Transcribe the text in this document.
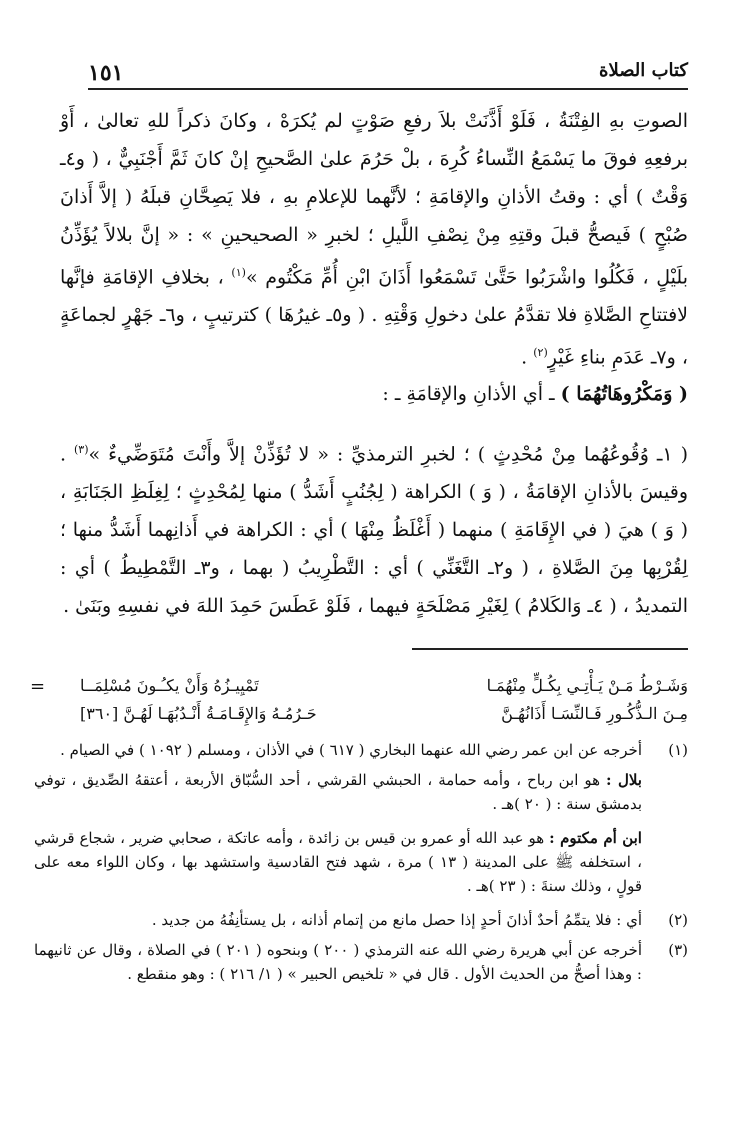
كتاب الصلاة
١٥١

الصوتِ بهِ الفِتْنَةُ ، فَلَوْ أَذَّنَتْ بلاَ رفعِ صَوْتٍ لم يُكرَهْ ، وكانَ ذكراً للهِ تعالىٰ ، أَوْ برفعِهِ فوقَ ما يَسْمَعُ النِّساءُ كُرِهَ ، بلْ حَرُمَ علىٰ الصَّحيحِ إنْ كانَ ثَمَّ أَجْنَبِيٌّ ، ( و٤ـ وَقْتٌ ) أي : وقتُ الأذانِ والإقامَةِ ؛ لأنَّهما للإعلامِ بهِ ، فلا يَصِحَّانِ قبلَهُ ( إلاَّ أَذانَ صُبْحٍ ) فَيصحُّ قبلَ وقتِهِ مِنْ نِصْفِ اللَّيلِ ؛ لخبرِ « الصحيحينِ » : « إنَّ بلالاً يُؤَذِّنُ بلَيْلٍ ، فَكُلُوا واشْرَبُوا حَتَّىٰ تَسْمَعُوا أَذَانَ ابْنِ أُمِّ مَكْتُوم »$^{(١)}$ ، بخلافِ الإقامَةِ فإنَّها لافتتاحِ الصَّلاةِ فلا تقدَّمُ علىٰ دخولِ وَقْتِهِ . ( و٥ـ غيرُهَا ) كترتيبٍ ، و٦ـ جَهْرٍ لجماعَةٍ ، و٧ـ عَدَمِ بناءِ غَيْرٍ$^{(٢)}$ .

( وَمَكْرُوهَاتُهُمَا ) ـ أي الأذانِ والإقامَةِ ـ :

( ١ـ وُقُوعُهُما مِنْ مُحْدِثٍ ) ؛ لخبرِ الترمذيِّ : « لا تُؤَذِّنْ إلاَّ وأَنْتَ مُتَوَضِّيءٌ »$^{(٣)}$ . وقيسَ بالأذانِ الإقامَةُ ، ( وَ ) الكراهة ( لِجُنُبٍ أَشَدُّ ) منها لِمُحْدِثٍ ؛ لِغِلَظِ الجَنَابَةِ ، ( وَ ) هيَ ( في الإِقَامَةِ ) منهما ( أَغْلَظُ مِنْهَا ) أي : الكراهة في أَذانِهما أَشَدُّ منها ؛ لِقُرْبِها مِنَ الصَّلاةِ ، ( و٢ـ التَّغَنِّي ) أي : التَّطْرِيبُ ( بهما ، و٣ـ التَّمْطِيطُ ) أي : التمديدُ ، ( ٤ـ وَالكَلامُ ) لِغَيْرِ مَصْلَحَةٍ فيهما ، فَلَوْ عَطَسَ حَمِدَ اللهَ في نفسِهِ وبَنَىٰ .

=	وَشَـرْطُ مَـنْ يَـأْتِـي بِكُـلٍّ مِنْهُمَـا
تَمْيِيـزُهُ وَأَنْ يكـُـونَ مُسْلِمَــا
مِـنَ الـذُّكُـورِ فَـالنِّسَـا أَذَانُهُـنَّ
حَـرُمُـهُ وَالإِقَـامَـةُ أَنْـدُبُهَـا لَهُـنَّ [٣٦٠]
(١)
أخرجه عن ابن عمر رضي الله عنهما البخاري ( ٦١٧ ) في الأذان ، ومسلم ( ١٠٩٢ ) في الصيام .
بلال : هو ابن رباح ، وأمه حمامة ، الحبشي القرشي ، أحد السُّبّاق الأربعة ، أعتقهُ الصِّديق ، توفي بدمشق سنة : ( ٢٠ )هـ .
ابن أم مكتوم : هو عبد الله أو عمرو بن قيس بن زائدة ، وأمه عاتكة ، صحابي ضرير ، شجاع قرشي ، استخلفه ﷺ على المدينة ( ١٣ ) مرة ، شهد فتح القادسية واستشهد بها ، وكان اللواء معه على قولٍ ، وذلك سنةَ : ( ٢٣ )هـ .
(٢)
أي : فلا يتمِّمُ أحدٌ أذانَ أحدٍ إذا حصل مانع من إتمام أذانه ، بل يستأنِفُهُ من جديد .
(٣)
أخرجه عن أبي هريرة رضي الله عنه الترمذي ( ٢٠٠ ) وبنحوه ( ٢٠١ ) في الصلاة ، وقال عن ثانيهما : وهذا أصحُّ من الحديث الأول . قال في « تلخيص الحبير » ( ١/ ٢١٦ ) : وهو منقطع .
